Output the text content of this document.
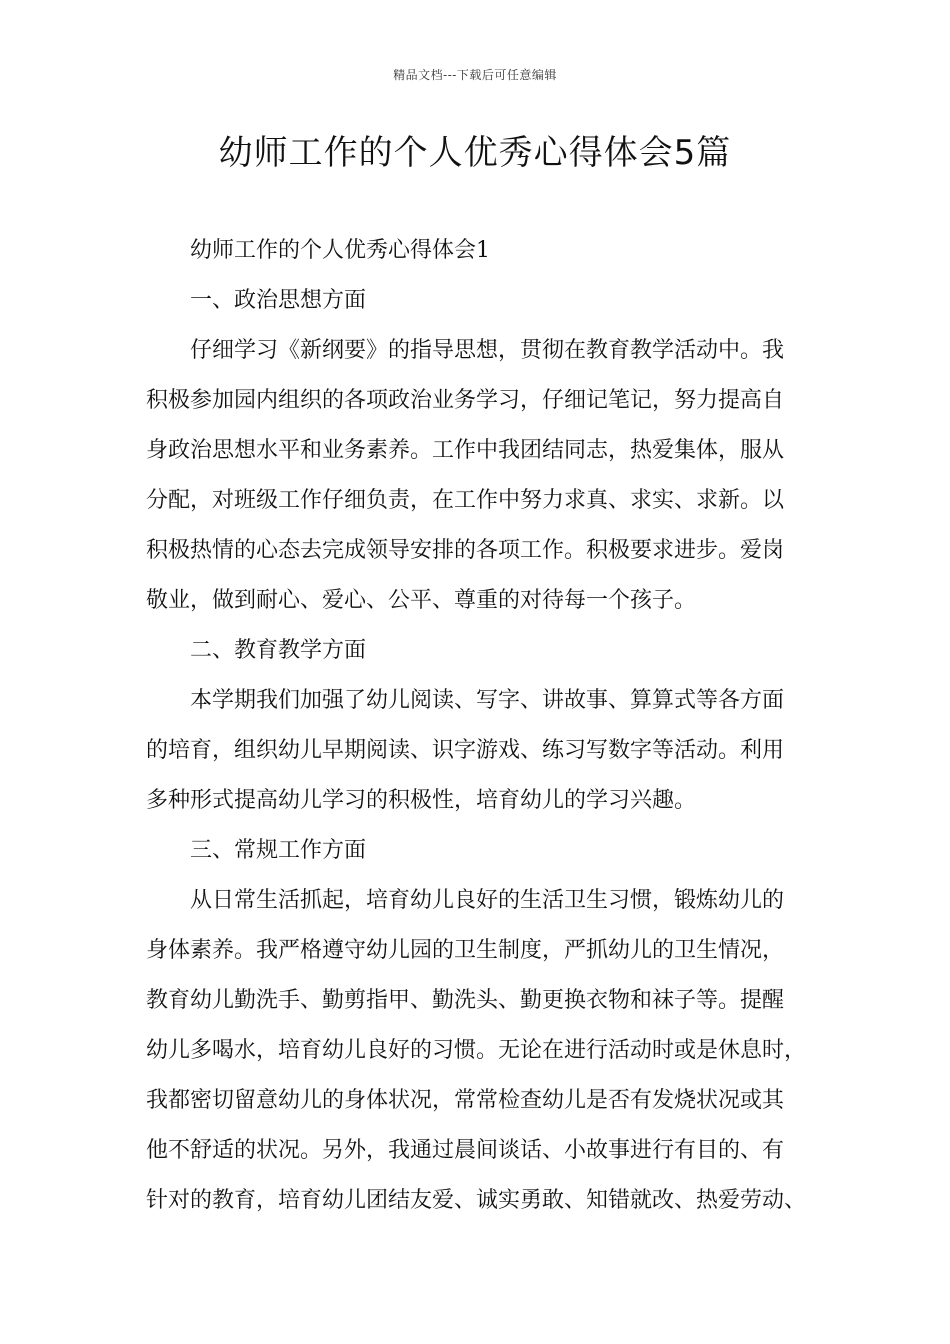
精品文档---下载后可任意编辑
幼师工作的个人优秀心得体会5篇
幼师工作的个人优秀心得体会1
一、政治思想方面
仔细学习《新纲要》的指导思想，贯彻在教育教学活动中。我
积极参加园内组织的各项政治业务学习，仔细记笔记，努力提高自
身政治思想水平和业务素养。工作中我团结同志，热爱集体，服从
分配，对班级工作仔细负责，在工作中努力求真、求实、求新。以
积极热情的心态去完成领导安排的各项工作。积极要求进步。爱岗
敬业，做到耐心、爱心、公平、尊重的对待每一个孩子。
二、教育教学方面
本学期我们加强了幼儿阅读、写字、讲故事、算算式等各方面
的培育，组织幼儿早期阅读、识字游戏、练习写数字等活动。利用
多种形式提高幼儿学习的积极性，培育幼儿的学习兴趣。
三、常规工作方面
从日常生活抓起，培育幼儿良好的生活卫生习惯，锻炼幼儿的
身体素养。我严格遵守幼儿园的卫生制度，严抓幼儿的卫生情况，
教育幼儿勤洗手、勤剪指甲、勤洗头、勤更换衣物和袜子等。提醒
幼儿多喝水，培育幼儿良好的习惯。无论在进行活动时或是休息时，
我都密切留意幼儿的身体状况，常常检查幼儿是否有发烧状况或其
他不舒适的状况。另外，我通过晨间谈话、小故事进行有目的、有
针对的教育，培育幼儿团结友爱、诚实勇敢、知错就改、热爱劳动、
